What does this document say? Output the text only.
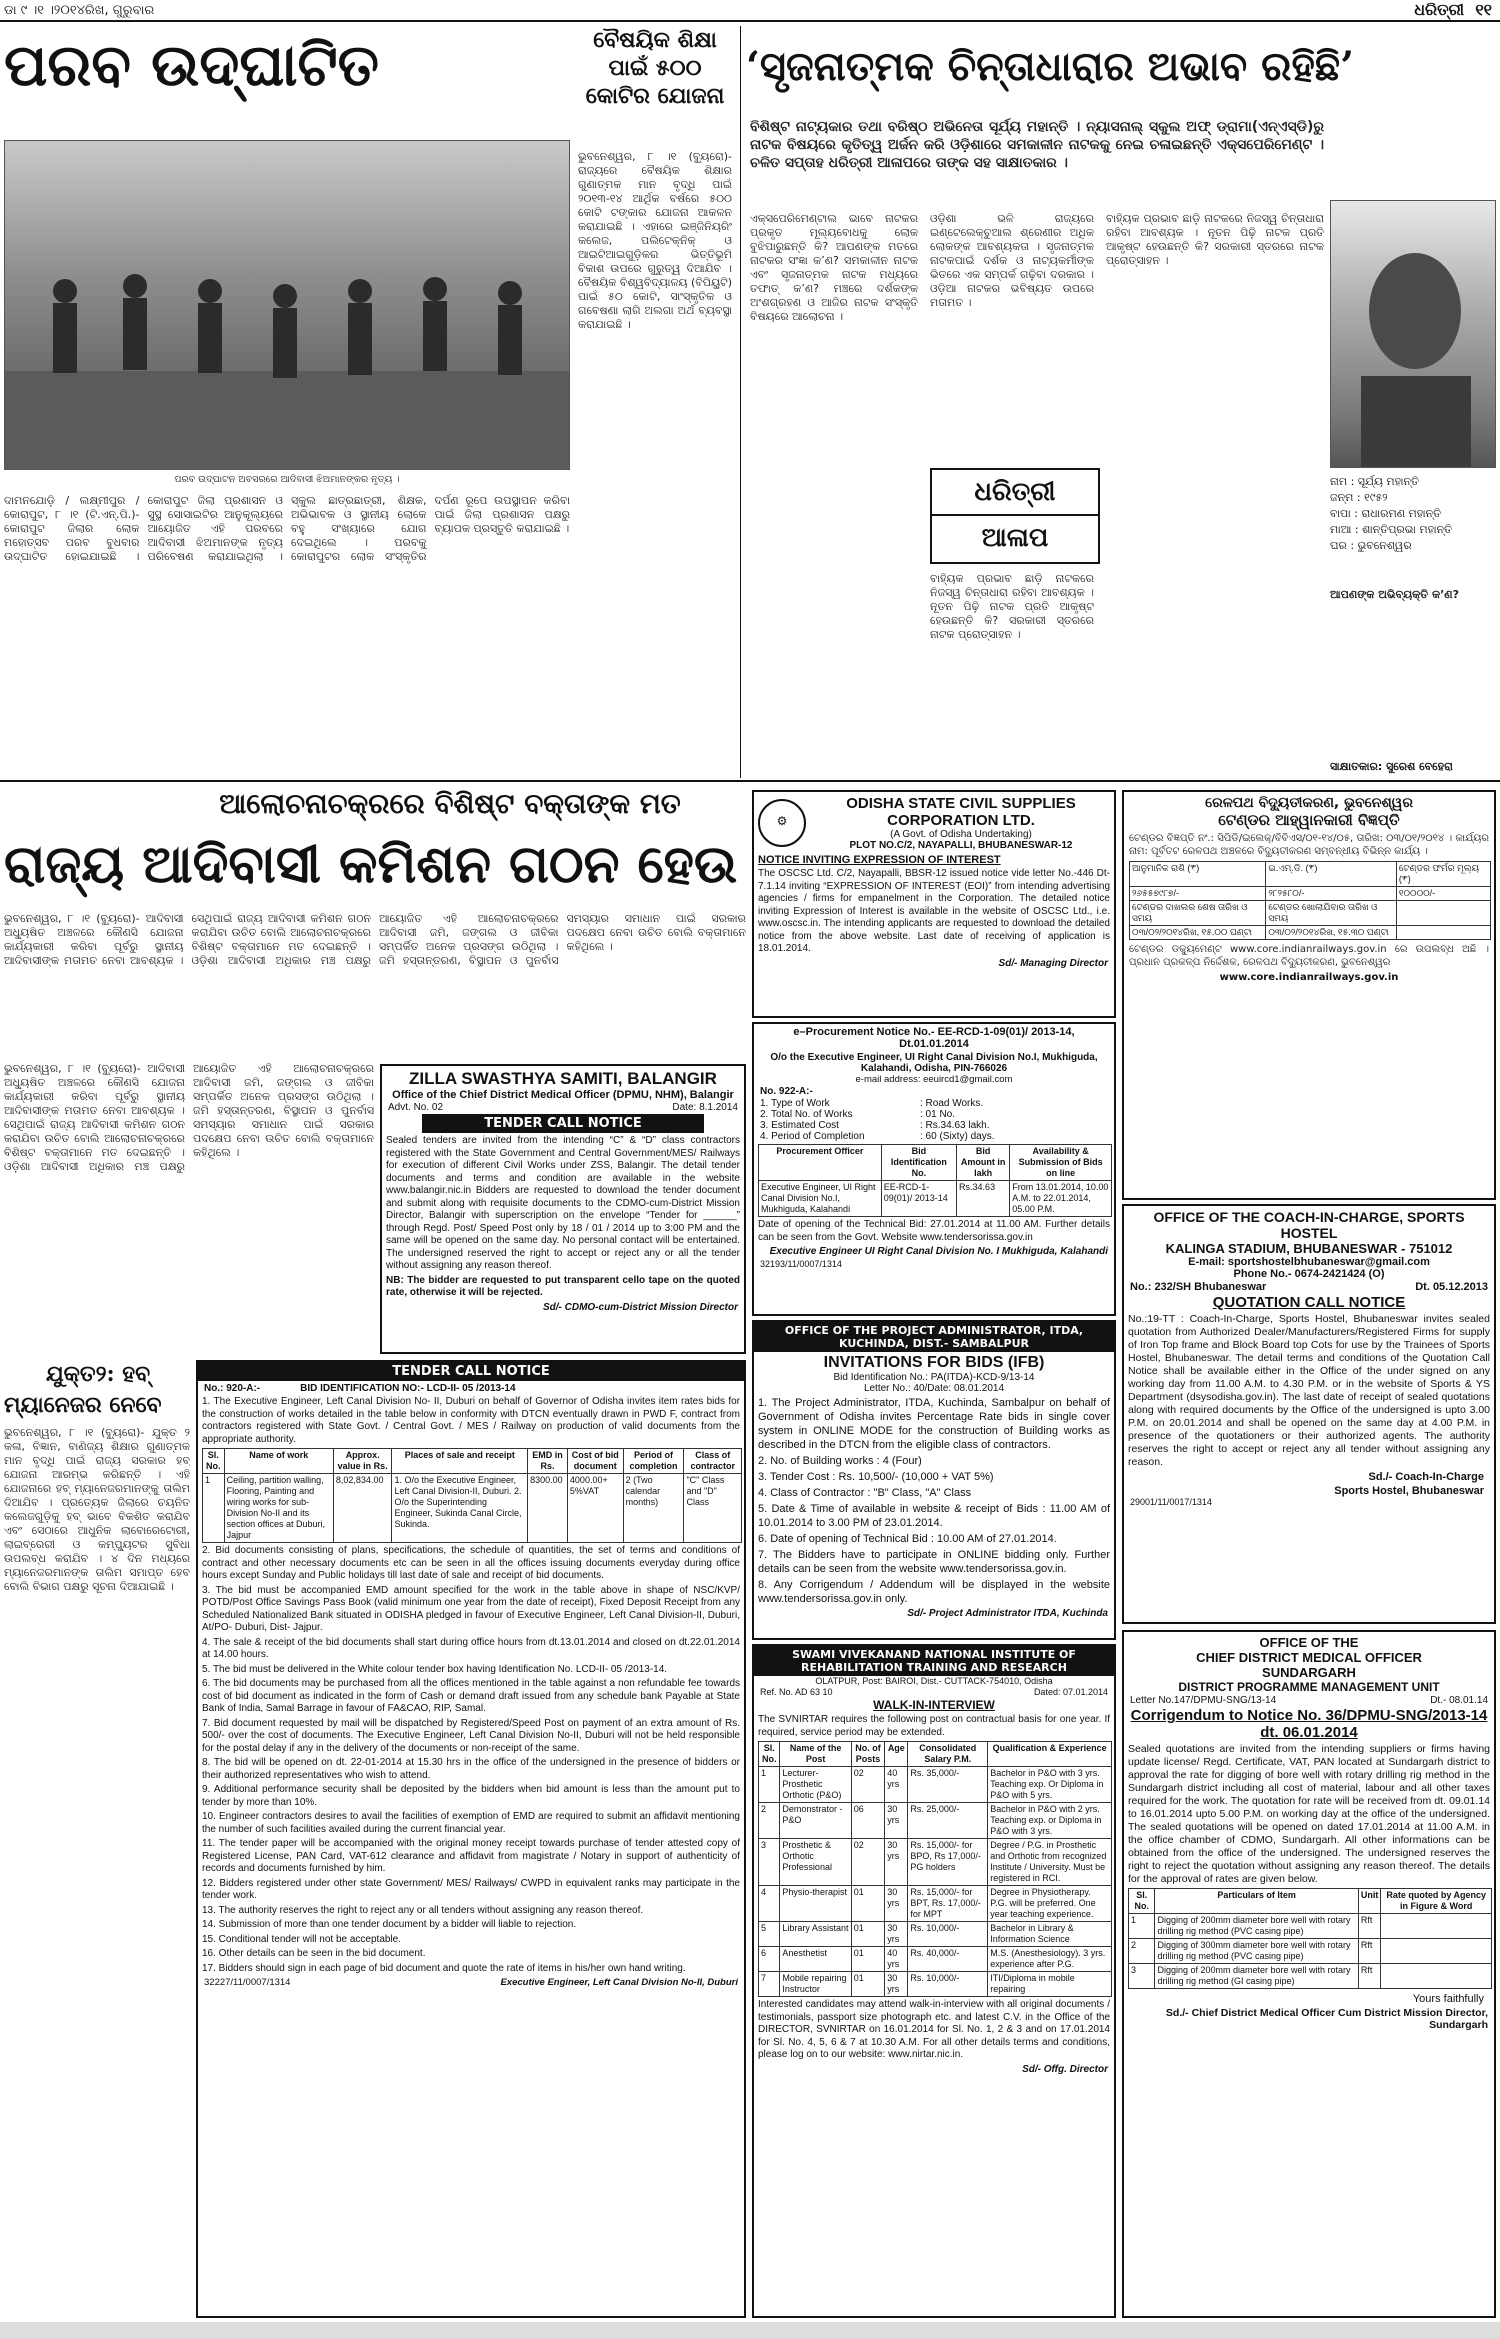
ଡା ୯ ।୧ ।୨୦୧୪ରିଖ, ଗୁରୁବାର	ଧରିତ୍ରୀ ୧୧
ପରବ ଉଦ୍‌ଘାଟିତ
ପରବ ଉଦ୍‌ଘାଟନ ଅବସରରେ ଆଦିବାସୀ ଝିଅମାନଙ୍କର ନୃତ୍ୟ ।
ଦାମନଯୋଡ଼ି / ଲକ୍ଷ୍ମୀପୁର / କୋରାପୁଟ, ୮ ।୧ (ଟି.ଏନ୍‌.ପି.)- କୋରାପୁଟ ଜିଲାର ଲୋକ ମହୋତ୍ସବ ପରବ ବୁଧବାର ଉଦ୍‌ଘାଟିତ ହୋଇଯାଇଛି । କୋରାପୁଟ ଜିଲା ପ୍ରଶାସନ ଓ ସୁସ୍ଥ ସୋସାଇଟିର ଆନୁକୂଲ୍ୟରେ ଆୟୋଜିତ ଏହି ପରବରେ ଆଦିବାସୀ ଝିଅମାନଙ୍କ ନୃତ୍ୟ ପରିବେଷଣ କରାଯାଇଥିଲା । ସ୍କୁଲ ଛାତ୍ରଛାତ୍ରୀ, ଶିକ୍ଷକ, ଅଭିଭାବକ ଓ ସ୍ଥାନୀୟ ଲୋକେ ବହୁ ସଂଖ୍ୟାରେ ଯୋଗ ଦେଇଥିଲେ । ପରବକୁ କୋରାପୁଟର ଲୋକ ସଂସ୍କୃତିର ଦର୍ପଣ ରୂପେ ଉପସ୍ଥାପନ କରିବା ପାଇଁ ଜିଲା ପ୍ରଶାସନ ପକ୍ଷରୁ ବ୍ୟାପକ ପ୍ରସ୍ତୁତି କରାଯାଇଛି ।
ବୈଷୟିକ ଶିକ୍ଷା ପାଇଁ ୫୦୦ କୋଟିର ଯୋଜନା
ଭୁବନେଶ୍ୱର, ୮ ।୧ (ବ୍ୟୁରୋ)- ରାଜ୍ୟରେ ବୈଷୟିକ ଶିକ୍ଷାର ଗୁଣାତ୍ମକ ମାନ ବୃଦ୍ଧି ପାଇଁ ୨୦୧୩-୧୪ ଆର୍ଥିକ ବର୍ଷରେ ୫୦୦ କୋଟି ଟଙ୍କାର ଯୋଜନା ଆକଳନ କରାଯାଇଛି । ଏହାରେ ଇଞ୍ଜିନିୟରିଂ କଲେଜ, ପଲିଟେକ୍‌ନିକ୍‌ ଓ ଆଇଟିଆଇଗୁଡ଼ିକର ଭିତ୍ତିଭୂମି ବିକାଶ ଉପରେ ଗୁରୁତ୍ୱ ଦିଆଯିବ । ବୈଷୟିକ ବିଶ୍ୱବିଦ୍ୟାଳୟ (ବିପିୟୁଟି) ପାଇଁ ୫୦ କୋଟି, ସାଂସ୍କୃତିକ ଓ ଗବେଷଣା ଲାଗି ଅଲଗା ଅର୍ଥ ବ୍ୟବସ୍ଥା କରାଯାଇଛି ।
‘ସୃଜନାତ୍ମକ ଚିନ୍ତାଧାରାର ଅଭାବ ରହିଛି’
ବିଶିଷ୍ଟ ନାଟ୍ୟକାର ତଥା ବରିଷ୍ଠ ଅଭିନେତା ସୂର୍ଯ୍ୟ ମହାନ୍ତି । ନ୍ୟାସନାଲ୍ ସ୍କୁଲ ଅଫ୍ ଡ୍ରାମା(ଏନ୍‌ଏସ୍‌ଡି)ରୁ ନାଟକ ବିଷୟରେ କୃତିତ୍ୱ ଅର୍ଜନ କରି ଓଡ଼ିଶାରେ ସମକାଳୀନ ନାଟକକୁ ନେଇ ଚଳାଇଛନ୍ତି ଏକ୍‌ସପେରିମେଣ୍ଟ । ଚଳିତ ସପ୍ତାହ ଧରିତ୍ରୀ ଆଳାପରେ ତାଙ୍କ ସହ ସାକ୍ଷାତକାର ।
ଏକ୍‌ସପେରିମେଣ୍ଟାଲ ଭାବେ ନାଟକର ପ୍ରକୃତ ମୂଲ୍ୟବୋଧକୁ ଲୋକ ବୁଝିପାରୁଛନ୍ତି କି? ଆପଣଙ୍କ ମତରେ ନାଟକର ସଂଜ୍ଞା କ’ଣ? ସମକାଳୀନ ନାଟକ ଏବଂ ସୃଜନାତ୍ମକ ନାଟକ ମଧ୍ୟରେ ତଫାତ୍‌ କ’ଣ? ମଞ୍ଚରେ ଦର୍ଶକଙ୍କ ଅଂଶଗ୍ରହଣ ଓ ଆଜିର ନାଟକ ସଂସ୍କୃତି ବିଷୟରେ ଆଲୋଚନା ।
ଧରିତ୍ରୀ
ଆଳାପ
ଓଡ଼ିଶା ଭଳି ରାଜ୍ୟରେ ଇଣ୍ଟେଲେକ୍‌ଚୁଆଲ ଶ୍ରେଣୀର ଅଧିକ ଲୋକଙ୍କ ଆବଶ୍ୟକତା । ସୃଜନାତ୍ମକ ନାଟକପାଇଁ ଦର୍ଶକ ଓ ନାଟ୍ୟକର୍ମୀଙ୍କ ଭିତରେ ଏକ ସମ୍ପର୍କ ଗଢ଼ିବା ଦରକାର । ଓଡ଼ିଆ ନାଟକର ଭବିଷ୍ୟତ ଉପରେ ମତାମତ ।
ବାହ୍ୟିକ ପ୍ରଭାବ ଛାଡ଼ି ନାଟକରେ ନିଜସ୍ୱ ଚିନ୍ତାଧାରା ରହିବା ଆବଶ୍ୟକ । ନୂତନ ପିଢ଼ି ନାଟକ ପ୍ରତି ଆକୃଷ୍ଟ ହେଉଛନ୍ତି କି? ସରକାରୀ ସ୍ତରରେ ନାଟକ ପ୍ରୋତ୍ସାହନ ।
ବାହ୍ୟିକ ପ୍ରଭାବ ଛାଡ଼ି ନାଟକରେ ନିଜସ୍ୱ ଚିନ୍ତାଧାରା ରହିବା ଆବଶ୍ୟକ । ନୂତନ ପିଢ଼ି ନାଟକ ପ୍ରତି ଆକୃଷ୍ଟ ହେଉଛନ୍ତି କି? ସରକାରୀ ସ୍ତରରେ ନାଟକ ପ୍ରୋତ୍ସାହନ ।
ନାମ : ସୂର୍ଯ୍ୟ ମହାନ୍ତି
ଜନ୍ମ : ୧୯୫୨
ବାପା : ରାଧାରମଣ ମହାନ୍ତି
ମାଆ : ଶାନ୍ତିପ୍ରଭା ମହାନ୍ତି
ଘର : ଭୁବନେଶ୍ୱର
ଆପଣଙ୍କ ଅଭିବ୍ୟକ୍ତି କ’ଣ?
ସାକ୍ଷାତକାର: ସୁରେଶ ବେହେରା
ଆଲୋଚନାଚକ୍ରରେ ବିଶିଷ୍ଟ ବକ୍ତାଙ୍କ ମତ
ରାଜ୍ୟ ଆଦିବାସୀ କମିଶନ ଗଠନ ହେଉ
ଭୁବନେଶ୍ୱର, ୮ ।୧ (ବ୍ୟୁରୋ)- ଆଦିବାସୀ ଅଧ୍ୟୁଷିତ ଅଞ୍ଚଳରେ କୌଣସି ଯୋଜନା କାର୍ଯ୍ୟକାରୀ କରିବା ପୂର୍ବରୁ ସ୍ଥାନୀୟ ଆଦିବାସୀଙ୍କ ମତାମତ ନେବା ଆବଶ୍ୟକ । ସେଥିପାଇଁ ରାଜ୍ୟ ଆଦିବାସୀ କମିଶନ ଗଠନ କରାଯିବା ଉଚିତ ବୋଲି ଆଲୋଚନାଚକ୍ରରେ ବିଶିଷ୍ଟ ବକ୍ତାମାନେ ମତ ଦେଇଛନ୍ତି । ଓଡ଼ିଶା ଆଦିବାସୀ ଅଧିକାର ମଞ୍ଚ ପକ୍ଷରୁ ଆୟୋଜିତ ଏହି ଆଲୋଚନାଚକ୍ରରେ ଆଦିବାସୀ ଜମି, ଜଙ୍ଗଲ ଓ ଜୀବିକା ସମ୍ପର୍କିତ ଅନେକ ପ୍ରସଙ୍ଗ ଉଠିଥିଲା । ଜମି ହସ୍ତାନ୍ତରଣ, ବିସ୍ଥାପନ ଓ ପୁନର୍ବାସ ସମସ୍ୟାର ସମାଧାନ ପାଇଁ ସରକାର ପଦକ୍ଷେପ ନେବା ଉଚିତ ବୋଲି ବକ୍ତାମାନେ କହିଥିଲେ ।
ଭୁବନେଶ୍ୱର, ୮ ।୧ (ବ୍ୟୁରୋ)- ଆଦିବାସୀ ଅଧ୍ୟୁଷିତ ଅଞ୍ଚଳରେ କୌଣସି ଯୋଜନା କାର୍ଯ୍ୟକାରୀ କରିବା ପୂର୍ବରୁ ସ୍ଥାନୀୟ ଆଦିବାସୀଙ୍କ ମତାମତ ନେବା ଆବଶ୍ୟକ । ସେଥିପାଇଁ ରାଜ୍ୟ ଆଦିବାସୀ କମିଶନ ଗଠନ କରାଯିବା ଉଚିତ ବୋଲି ଆଲୋଚନାଚକ୍ରରେ ବିଶିଷ୍ଟ ବକ୍ତାମାନେ ମତ ଦେଇଛନ୍ତି । ଓଡ଼ିଶା ଆଦିବାସୀ ଅଧିକାର ମଞ୍ଚ ପକ୍ଷରୁ ଆୟୋଜିତ ଏହି ଆଲୋଚନାଚକ୍ରରେ ଆଦିବାସୀ ଜମି, ଜଙ୍ଗଲ ଓ ଜୀବିକା ସମ୍ପର୍କିତ ଅନେକ ପ୍ରସଙ୍ଗ ଉଠିଥିଲା । ଜମି ହସ୍ତାନ୍ତରଣ, ବିସ୍ଥାପନ ଓ ପୁନର୍ବାସ ସମସ୍ୟାର ସମାଧାନ ପାଇଁ ସରକାର ପଦକ୍ଷେପ ନେବା ଉଚିତ ବୋଲି ବକ୍ତାମାନେ କହିଥିଲେ ।
ZILLA SWASTHYA SAMITI, BALANGIR
Office of the Chief District Medical Officer (DPMU, NHM), Balangir
Advt. No. 02	Date: 8.1.2014
TENDER CALL NOTICE

Sealed tenders are invited from the intending “C” & “D” class contractors registered with the State Government and Central Government/MES/ Railways for execution of different Civil Works under ZSS, Balangir. The detail tender documents and terms and condition are available in the website www.balangir.nic.in Bidders are requested to download the tender document and submit along with requisite documents to the CDMO-cum-District Mission Director, Balangir with superscription on the envelope “Tender for ______” through Regd. Post/ Speed Post only by 18 / 01 / 2014 up to 3:00 PM and the same will be opened on the same day. No personal contact will be entertained. The undersigned reserved the right to accept or reject any or all the tender without assigning any reason thereof.

NB: The bidder are requested to put transparent cello tape on the quoted rate, otherwise it will be rejected.

Sd/- CDMO-cum-District Mission Director
ଯୁକ୍ତ୨: ହବ୍‌
ମ୍ୟାନେଜର ନେବେ
ଭୁବନେଶ୍ୱର, ୮ ।୧ (ବ୍ୟୁରୋ)- ଯୁକ୍ତ ୨ କଳା, ବିଜ୍ଞାନ, ବାଣିଜ୍ୟ ଶିକ୍ଷାର ଗୁଣାତ୍ମକ ମାନ ବୃଦ୍ଧି ପାଇଁ ରାଜ୍ୟ ସରକାର ହବ୍‌ ଯୋଜନା ଆରମ୍ଭ କରିଛନ୍ତି । ଏହି ଯୋଜନାରେ ହବ୍‌ ମ୍ୟାନେଜରମାନଙ୍କୁ ତାଲିମ ଦିଆଯିବ । ପ୍ରତ୍ୟେକ ଜିଲାରେ ଚୟନିତ କଲେଜଗୁଡ଼ିକୁ ହବ୍‌ ଭାବେ ବିକଶିତ କରାଯିବ ଏବଂ ସେଠାରେ ଆଧୁନିକ ଲାବୋରେଟୋରୀ, ଲାଇବ୍ରେରୀ ଓ କମ୍ପ୍ୟୁଟର ସୁବିଧା ଉପଲବ୍ଧ କରାଯିବ । ୪ ଦିନ ମଧ୍ୟରେ ମ୍ୟାନେଜରମାନଙ୍କ ତାଲିମ ସମାପ୍ତ ହେବ ବୋଲି ବିଭାଗ ପକ୍ଷରୁ ସୂଚନା ଦିଆଯାଇଛି ।
TENDER CALL NOTICE
No.: 920-A:-	BID IDENTIFICATION NO:- LCD-II- 05 /2013-14

1. The Executive Engineer, Left Canal Division No- II, Duburi on behalf of Governor of Odisha invites item rates bids for the construction of works detailed in the table below in conformity with DTCN eventually drawn in PWD F, contract from contractors registered with State Govt. / Central Govt. / MES / Railway on production of valid documents from the appropriate authority.

Sl. No.	Name of work	Approx. value in Rs.	Places of sale and receipt	EMD in Rs.	Cost of bid document	Period of completion	Class of contractor
1	Ceiling, partition walling, Flooring, Painting and wiring works for sub-Division No-II and its section offices at Duburi, Jajpur	8,02,834.00	1. O/o the Executive Engineer, Left Canal Division-II, Duburi. 2. O/o the Superintending Engineer, Sukinda Canal Circle, Sukinda.	8300.00	4000.00+ 5%VAT	2 (Two calendar months)	"C" Class and "D" Class

2. Bid documents consisting of plans, specifications, the schedule of quantities, the set of terms and conditions of contract and other necessary documents etc can be seen in all the offices issuing documents everyday during office hours except Sunday and Public holidays till last date of sale and receipt of bid documents.

3. The bid must be accompanied EMD amount specified for the work in the table above in shape of NSC/KVP/ POTD/Post Office Savings Pass Book (valid minimum one year from the date of receipt), Fixed Deposit Receipt from any Scheduled Nationalized Bank situated in ODISHA pledged in favour of Executive Engineer, Left Canal Division-II, Duburi, At/PO- Duburi, Dist- Jajpur.

4. The sale & receipt of the bid documents shall start during office hours from dt.13.01.2014 and closed on dt.22.01.2014 at 14.00 hours.

5. The bid must be delivered in the White colour tender box having Identification No. LCD-II- 05 /2013-14.

6. The bid documents may be purchased from all the offices mentioned in the table against a non refundable fee towards cost of bid document as indicated in the form of Cash or demand draft issued from any schedule bank Payable at State Bank of India, Samal Barrage in favour of FA&CAO, RIP, Samal.

7. Bid document requested by mail will be dispatched by Registered/Speed Post on payment of an extra amount of Rs. 500/- over the cost of documents. The Executive Engineer, Left Canal Division No-II, Duburi will not be held responsible for the postal delay if any in the delivery of the documents or non-receipt of the same.

8. The bid will be opened on dt. 22-01-2014 at 15.30 hrs in the office of the undersigned in the presence of bidders or their authorized representatives who wish to attend.

9. Additional performance security shall be deposited by the bidders when bid amount is less than the amount put to tender by more than 10%.

10. Engineer contractors desires to avail the facilities of exemption of EMD are required to submit an affidavit mentioning the number of such facilities availed during the current financial year.

11. The tender paper will be accompanied with the original money receipt towards purchase of tender attested copy of Registered License, PAN Card, VAT-612 clearance and affidavit from magistrate / Notary in support of authenticity of records and documents furnished by him.

12. Bidders registered under other state Government/ MES/ Railways/ CWPD in equivalent ranks may participate in the tender work.

13. The authority reserves the right to reject any or all tenders without assigning any reason thereof.

14. Submission of more than one tender document by a bidder will liable to rejection.

15. Conditional tender will not be acceptable.

16. Other details can be seen in the bid document.

17. Bidders should sign in each page of bid document and quote the rate of items in his/her own hand writing.

32227/11/0007/1314	Executive Engineer, Left Canal Division No-II, Duburi
⚙
ODISHA STATE CIVIL SUPPLIES
CORPORATION LTD.
(A Govt. of Odisha Undertaking)
PLOT NO.C/2, NAYAPALLI, BHUBANESWAR-12
NOTICE INVITING EXPRESSION OF INTEREST

The OSCSC Ltd. C/2, Nayapalli, BBSR-12 issued notice vide letter No.-446 Dt-7.1.14 inviting “EXPRESSION OF INTEREST (EOI)” from intending advertising agencies / firms for empanelment in the Corporation. The detailed notice inviting Expression of Interest is available in the website of OSCSC Ltd., i.e. www.oscsc.in. The intending applicants are requested to download the detailed notice from the above website. Last date of receiving of application is 18.01.2014.

Sd/- Managing Director
e–Procurement Notice No.- EE-RCD-1-09(01)/ 2013-14, Dt.01.01.2014
O/o the Executive Engineer, UI Right Canal Division No.I, Mukhiguda, Kalahandi, Odisha, PIN-766026
e-mail address: eeuircd1@gmail.com
No. 922-A:-
1. Type of Work	: Road Works.
2. Total No. of Works	: 01 No.
3. Estimated Cost	: Rs.34.63 lakh.
4. Period of Completion	: 60 (Sixty) days.
Procurement Officer	Bid Identification No.	Bid Amount in lakh	Availability & Submission of Bids on line
Executive Engineer, UI Right Canal Division No.I, Mukhiguda, Kalahandi	EE-RCD-1-09(01)/ 2013-14	Rs.34.63	From 13.01.2014, 10.00 A.M. to 22.01.2014, 05.00 P.M.

Date of opening of the Technical Bid: 27.01.2014 at 11.00 AM. Further details can be seen from the Govt. Website www.tendersorissa.gov.in

Executive Engineer UI Right Canal Division No. I Mukhiguda, Kalahandi
32193/11/0007/1314
OFFICE OF THE PROJECT ADMINISTRATOR, ITDA, KUCHINDA, DIST.- SAMBALPUR
INVITATIONS FOR BIDS (IFB)
Bid Identification No.: PA(ITDA)-KCD-9/13-14
Letter No.: 40/Date: 08.01.2014

1. The Project Administrator, ITDA, Kuchinda, Sambalpur on behalf of Government of Odisha invites Percentage Rate bids in single cover system in ONLINE MODE for the construction of Building works as described in the DTCN from the eligible class of contractors.

2. No. of Building works : 4 (Four)

3. Tender Cost : Rs. 10,500/- (10,000 + VAT 5%)

4. Class of Contractor : "B" Class, "A" Class

5. Date & Time of available in website & receipt of Bids : 11.00 AM of 10.01.2014 to 3.00 PM of 23.01.2014.

6. Date of opening of Technical Bid : 10.00 AM of 27.01.2014.

7. The Bidders have to participate in ONLINE bidding only. Further details can be seen from the website www.tendersorissa.gov.in.

8. Any Corrigendum / Addendum will be displayed in the website www.tendersorissa.gov.in only.

Sd/- Project Administrator ITDA, Kuchinda
SWAMI VIVEKANAND NATIONAL INSTITUTE OF REHABILITATION TRAINING AND RESEARCH
OLATPUR, Post: BAIROI, Dist.- CUTTACK-754010, Odisha
Ref. No. AD 63 10	Dated: 07.01.2014
WALK-IN-INTERVIEW

The SVNIRTAR requires the following post on contractual basis for one year. If required, service period may be extended.

Sl. No.	Name of the Post	No. of Posts	Age	Consolidated Salary P.M.	Qualification & Experience
1	Lecturer-Prosthetic Orthotic (P&O)	02	40 yrs	Rs. 35,000/-	Bachelor in P&O with 3 yrs. Teaching exp. Or Diploma in P&O with 5 yrs.
2	Demonstrator - P&O	06	30 yrs	Rs. 25,000/-	Bachelor in P&O with 2 yrs. Teaching exp. or Diploma in P&O with 3 yrs.
3	Prosthetic & Orthotic Professional	02	30 yrs	Rs. 15,000/- for BPO, Rs 17,000/- PG holders	Degree / P.G. in Prosthetic and Orthotic from recognized Institute / University. Must be registered in RCI.
4	Physio-therapist	01	30 yrs	Rs. 15,000/- for BPT, Rs. 17,000/- for MPT	Degree in Physiotherapy. P.G. will be preferred. One year teaching experience.
5	Library Assistant	01	30 yrs	Rs. 10,000/-	Bachelor in Library & Information Science
6	Anesthetist	01	40 yrs	Rs. 40,000/-	M.S. (Anesthesiology). 3 yrs. experience after P.G.
7	Mobile repairing Instructor	01	30 yrs	Rs. 10,000/-	ITI/Diploma in mobile repairing

Interested candidates may attend walk-in-interview with all original documents / testimonials, passport size photograph etc. and latest C.V. in the Office of the DIRECTOR, SVNIRTAR on 16.01.2014 for Sl. No. 1, 2 & 3 and on 17.01.2014 for Sl. No. 4, 5, 6 & 7 at 10.30 A.M. For all other details terms and conditions, please log on to our website: www.nirtar.nic.in.

Sd/- Offg. Director
ରେଳପଥ ବିଦ୍ୟୁତୀକରଣ, ଭୁବନେଶ୍ୱର
ଟେଣ୍ଡର ଆହ୍ୱାନକାରୀ ବିଜ୍ଞପ୍ତି
ଟେଣ୍ଡର ବିଜ୍ଞପ୍ତି ନଂ.: ସିପିଡି/ଇଲେକ୍/ବିବିଏସ/୦୧-୧୪/୦୫, ତାରିଖ: ୦୩/୦୧/୨୦୧୪ । କାର୍ଯ୍ୟର ନାମ: ପୂର୍ବତଟ ରେଳପଥ ଅଞ୍ଚଳରେ ବିଦ୍ୟୁତୀକରଣ ସମ୍ବନ୍ଧୀୟ ବିଭିନ୍ନ କାର୍ଯ୍ୟ ।
ଆନୁମାନିକ ରାଶି (₹)	ଇ.ଏମ୍‌.ଡି. (₹)	ଟେଣ୍ଡର ଫର୍ମର ମୂଲ୍ୟ (₹)
୨୬୫୫୭୯୮୭/-	୨୮୨୫୮୦/-	୧୦୦୦୦/-
ଟେଣ୍ଡର ଦାଖଲର ଶେଷ ତାରିଖ ଓ ସମୟ	ଟେଣ୍ଡର ଖୋଲାଯିବାର ତାରିଖ ଓ ସମୟ	
୦୩/୦୨/୨୦୧୪ରିଖ, ୧୫.୦୦ ଘଣ୍ଟା	୦୩/୦୨/୨୦୧୪ରିଖ, ୧୫.୩୦ ଘଣ୍ଟା	
ଟେଣ୍ଡର ଡକ୍ୟୁମେଣ୍ଟ www.core.indianrailways.gov.in ରେ ଉପଲବ୍ଧ ଅଛି । ପ୍ରଧାନ ପ୍ରକଳ୍ପ ନିର୍ଦ୍ଦେଶକ, ରେଳପଥ ବିଦ୍ୟୁତୀକରଣ, ଭୁବନେଶ୍ୱର
www.core.indianrailways.gov.in
OFFICE OF THE COACH-IN-CHARGE, SPORTS HOSTEL
KALINGA STADIUM, BHUBANESWAR - 751012
E-mail: sportshostelbhubaneswar@gmail.com
Phone No.- 0674-2421424 (O)
No.: 232/SH Bhubaneswar	Dt. 05.12.2013
QUOTATION CALL NOTICE

No.:19-TT : Coach-In-Charge, Sports Hostel, Bhubaneswar invites sealed quotation from Authorized Dealer/Manufacturers/Registered Firms for supply of Iron Top frame and Block Board top Cots for use by the Trainees of Sports Hostel, Bhubaneswar. The detail terms and conditions of the Quotation Call Notice shall be available either in the Office of the under signed on any working day from 11.00 A.M. to 4.30 P.M. or in the website of Sports & YS Department (dsysodisha.gov.in). The last date of receipt of sealed quotations along with required documents by the Office of the undersigned is upto 3.00 P.M. on 20.01.2014 and shall be opened on the same day at 4.00 P.M. in presence of the quotationers or their authorized agents. The authority reserves the right to accept or reject any all tender without assigning any reason.

Sd./- Coach-In-Charge
Sports Hostel, Bhubaneswar
29001/11/0017/1314
OFFICE OF THE
CHIEF DISTRICT MEDICAL OFFICER
SUNDARGARH
DISTRICT PROGRAMME MANAGEMENT UNIT
Letter No.147/DPMU-SNG/13-14	Dt.- 08.01.14
Corrigendum to Notice No. 36/DPMU-SNG/2013-14 dt. 06.01.2014

Sealed quotations are invited from the intending suppliers or firms having update license/ Regd. Certificate, VAT, PAN located at Sundargarh district to approval the rate for digging of bore well with rotary drilling rig method in the Sundargarh district including all cost of material, labour and all other taxes required for the work. The quotation for rate will be received from dt. 09.01.14 to 16.01.2014 upto 5.00 P.M. on working day at the office of the undersigned. The sealed quotations will be opened on dated 17.01.2014 at 11.00 A.M. in the office chamber of CDMO, Sundargarh. All other informations can be obtained from the office of the undersigned. The undersigned reserves the right to reject the quotation without assigning any reason thereof. The details for the approval of rates are given below.

Sl. No.	Particulars of Item	Unit	Rate quoted by Agency in Figure & Word
1	Digging of 200mm diameter bore well with rotary drilling rig method (PVC casing pipe)	Rft	
2	Digging of 300mm diameter bore well with rotary drilling rig method (PVC casing pipe)	Rft	
3	Digging of 200mm diameter bore well with rotary drilling rig method (GI casing pipe)	Rft	
Yours faithfully
Sd./- Chief District Medical Officer Cum District Mission Director, Sundargarh
